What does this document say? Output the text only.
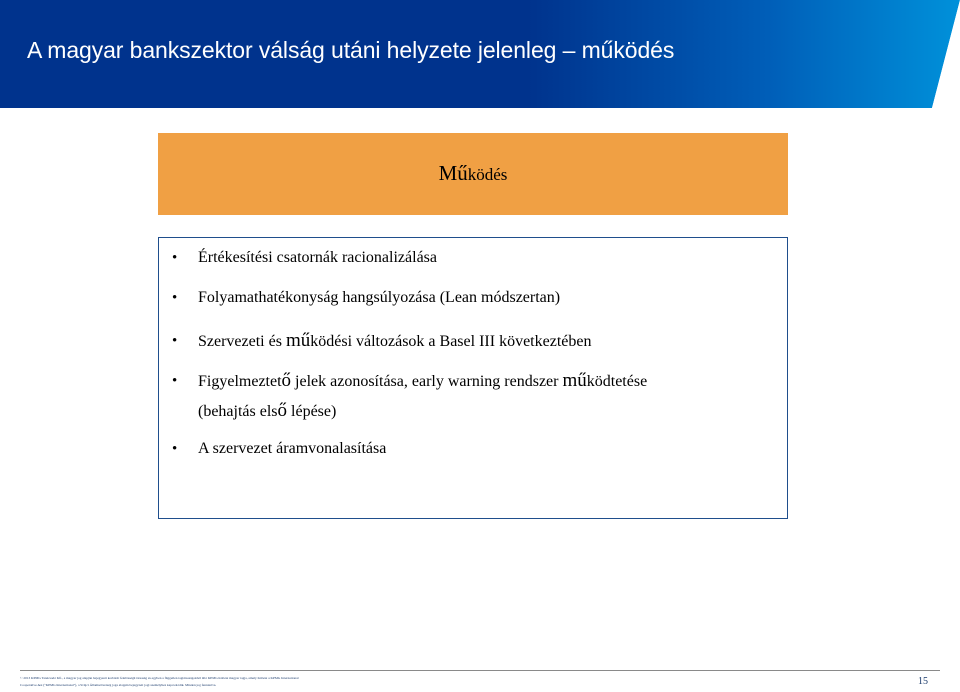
A magyar bankszektor válság utáni helyzete jelenleg – működés
Működés
• Értékesítési csatornák racionalizálása
• Folyamathatékonyság hangsúlyozása (Lean módszertan)
• Szervezeti és működési változások a Basel III következtében
• Figyelmeztető jelek azonosítása, early warning rendszer működtetése
(behajtás első lépése)
• A szervezet áramvonalasítása
© 2013 KPMG Tanácsadó Kft., a magyar jog alapján bejegyzett korlátolt felelősségű társaság és egyben a független tagtársaságokból álló KPMG hálózat magyar tagja, amely hálózat a KPMG International
Cooperative-hez ("KPMG International"), a Svájci Államszövetség joga alapján bejegyzett jogi személyhez kapcsolódik. Minden jog fenntartva.	15
